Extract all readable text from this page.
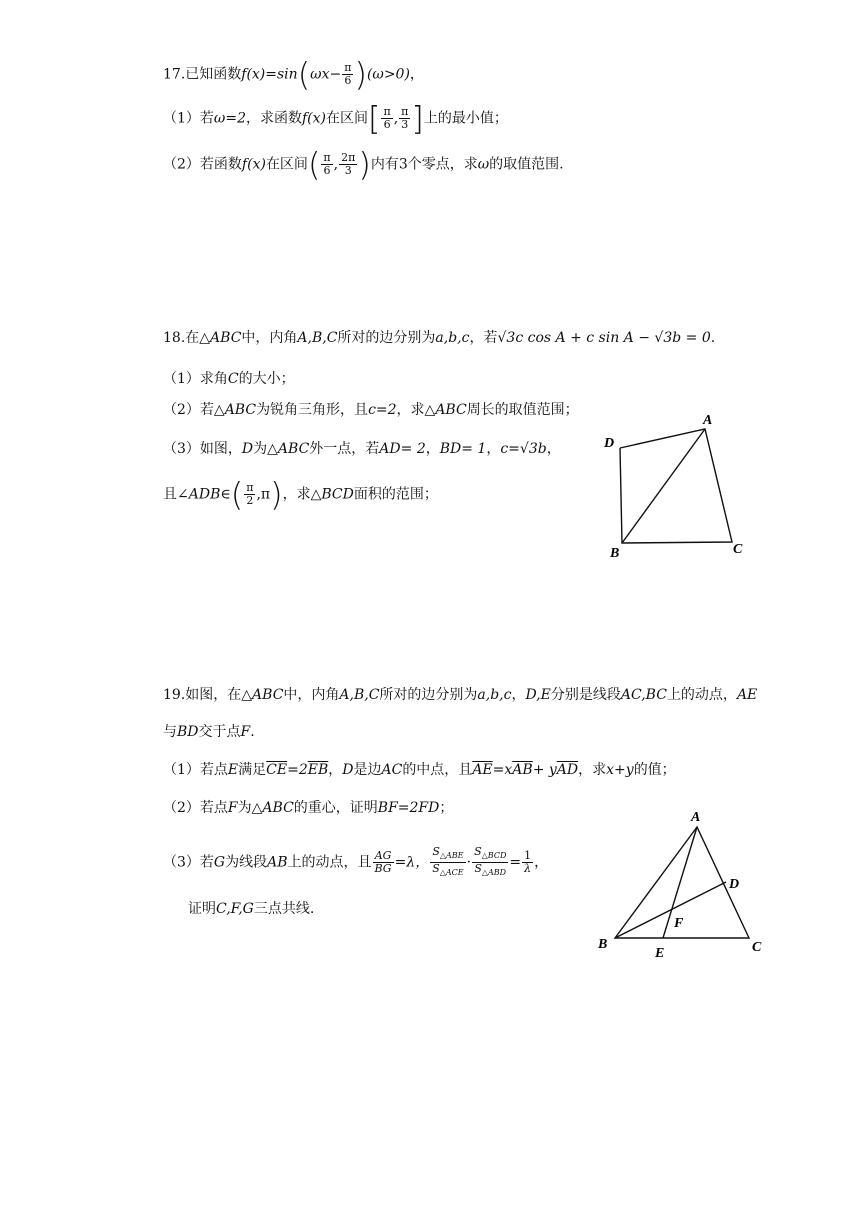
17.已知函数$f(x)=\sin(\omega x- \frac{\pi}{6} )(\omega>0)$，
（1）若ω=2，求函数f(x)在区间[ $\frac{\pi}{6}$ , $\frac{\pi}{3}$ ]上的最小值；
（2）若函数f(x)在区间( $\frac{\pi}{6}$ , $\frac{2\pi}{3}$ )内有3个零点，求ω的取值范围.
18.在△ABC中，内角A,B,C所对的边分别为a,b,c，若√3c cos A + c sin A − √3b = 0.
（1）求角C的大小；
（2）若△ABC为锐角三角形，且c=2，求△ABC周长的取值范围；
（3）如图，D为△ABC外一点，若AD= 2，BD= 1，c=√3b，
且∠ADB∈( $\frac{\pi}{2} ,\pi$)，求△BCD面积的范围；
A
D
B	C
19.如图，在△ABC中，内角A,B,C所对的边分别为a,b,c，D,E分别是线段AC,BC上的动点，AE
与BD交于点F.
（1）若点E满足$\overline{CE}=2\overline{EB}$，D是边AC的中点，且$\overline{AE}=x\overline{AB}+ y\overline{AD}$，求x+y的值；
（2）若点F为△ABC的重心，证明BF=2FD；
（3）若G为线段AB上的动点，且 $\frac{AG}{BG} =\lambda$， $\frac{S_{\triangle ABE}}{S_{\triangle ACE}} \cdot \frac{S_{\triangle BCD}}{S_{\triangle ABD}} = \frac{1}{\lambda}$ ，
证明C,F,G三点共线.
A
D
F
B
E	C
